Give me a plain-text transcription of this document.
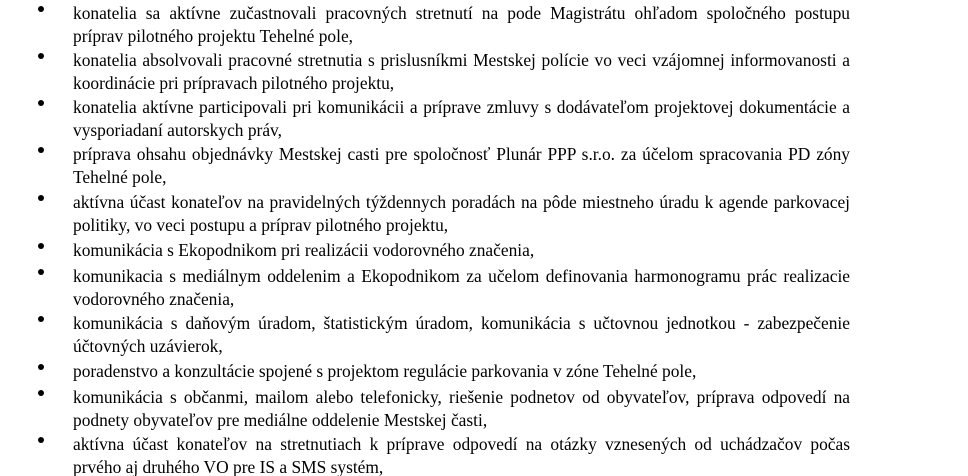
konatelia sa aktívne zučastnovali pracovných stretnutí na pode Magistrátu ohľadom spoločného postupu príprav pilotného projektu Tehelné pole,
konatelia absolvovali pracovné stretnutia s prislusníkmi Mestskej polície vo veci vzájomnej informovanosti a koordinácie pri prípravach pilotného projektu,
konatelia aktívne participovali pri komunikácii a príprave zmluvy s dodávateľom projektovej dokumentácie a vysporiadaní autorskych práv,
príprava ohsahu objednávky Mestskej casti pre spoločnosť Plunár PPP s.r.o. za účelom spracovania PD zóny Tehelné pole,
aktívna účast konateľov na pravidelných týždennych poradách na pôde miestneho úradu k agende parkovacej politiky, vo veci postupu a príprav pilotného projektu,
komunikácia s Ekopodnikom pri realizácii vodorovného značenia,
komunikacia s mediálnym oddelenim a Ekopodnikom za učelom definovania harmonogramu prác realizacie vodorovného značenia,
komunikácia s daňovým úradom, štatistickým úradom, komunikácia s učtovnou jednotkou - zabezpečenie účtovných uzávierok,
poradenstvo a konzultácie spojené s projektom regulácie parkovania v zóne Tehelné pole,
komunikácia s občanmi, mailom alebo telefonicky, riešenie podnetov od obyvateľov, príprava odpovedí na podnety obyvateľov pre mediálne oddelenie Mestskej časti,
aktívna účast konateľov na stretnutiach k príprave odpovedí na otázky vznesených od uchádzačov počas prvého aj druhého VO pre IS a SMS systém,
